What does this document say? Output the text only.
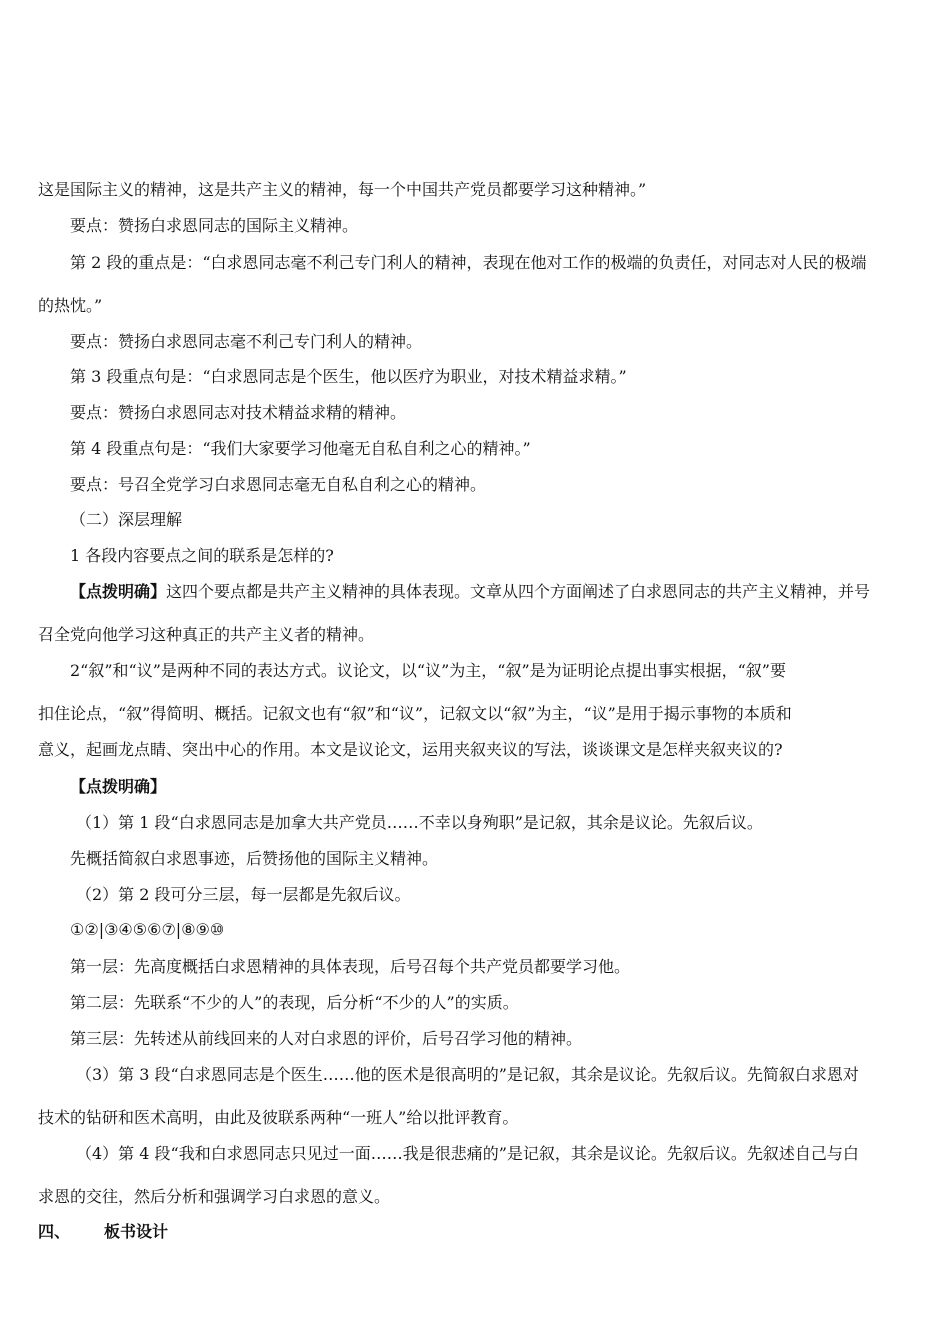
这是国际主义的精神，这是共产主义的精神，每一个中国共产党员都要学习这种精神。”
要点：赞扬白求恩同志的国际主义精神。
第 2 段的重点是：“白求恩同志毫不利己专门利人的精神，表现在他对工作的极端的负责任，对同志对人民的极端
的热忱。”
要点：赞扬白求恩同志毫不利己专门利人的精神。
第 3 段重点句是：“白求恩同志是个医生，他以医疗为职业，对技术精益求精。”
要点：赞扬白求恩同志对技术精益求精的精神。
第 4 段重点句是：“我们大家要学习他毫无自私自利之心的精神。”
要点：号召全党学习白求恩同志毫无自私自利之心的精神。
（二）深层理解
1 各段内容要点之间的联系是怎样的?
【点拨明确】这四个要点都是共产主义精神的具体表现。文章从四个方面阐述了白求恩同志的共产主义精神，并号
召全党向他学习这种真正的共产主义者的精神。
2“叙”和“议”是两种不同的表达方式。议论文，以“议”为主，“叙”是为证明论点提出事实根据，“叙”要
扣住论点，“叙”得简明、概括。记叙文也有“叙”和“议”，记叙文以“叙”为主，“议”是用于揭示事物的本质和
意义，起画龙点睛、突出中心的作用。本文是议论文，运用夹叙夹议的写法，谈谈课文是怎样夹叙夹议的?
【点拨明确】
（1）第 1 段“白求恩同志是加拿大共产党员……不幸以身殉职”是记叙，其余是议论。先叙后议。
先概括简叙白求恩事迹，后赞扬他的国际主义精神。
（2）第 2 段可分三层，每一层都是先叙后议。
①②|③④⑤⑥⑦|⑧⑨⑩
第一层：先高度概括白求恩精神的具体表现，后号召每个共产党员都要学习他。
第二层：先联系“不少的人”的表现，后分析“不少的人”的实质。
第三层：先转述从前线回来的人对白求恩的评价，后号召学习他的精神。
（3）第 3 段“白求恩同志是个医生……他的医术是很高明的”是记叙，其余是议论。先叙后议。先简叙白求恩对
技术的钻研和医术高明，由此及彼联系两种“一班人”给以批评教育。
（4）第 4 段“我和白求恩同志只见过一面……我是很悲痛的”是记叙，其余是议论。先叙后议。先叙述自己与白
求恩的交往，然后分析和强调学习白求恩的意义。
四、 板书设计
